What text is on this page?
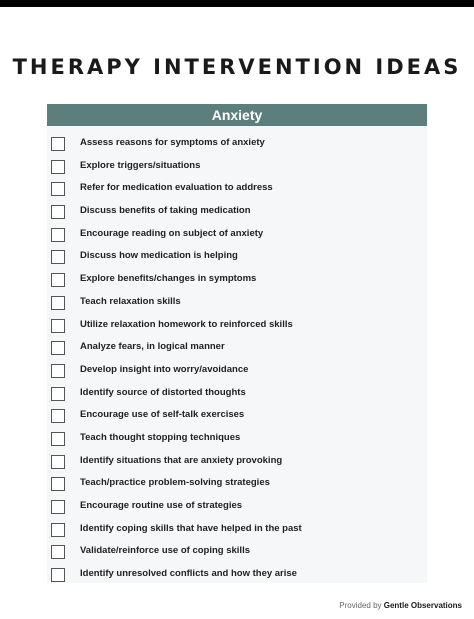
THERAPY INTERVENTION IDEAS
Anxiety
Assess reasons for symptoms of anxiety
Explore triggers/situations
Refer for medication evaluation to address
Discuss benefits of taking medication
Encourage reading on subject of anxiety
Discuss how medication is helping
Explore benefits/changes in symptoms
Teach relaxation skills
Utilize relaxation homework to reinforced skills
Analyze fears, in logical manner
Develop insight into worry/avoidance
Identify source of distorted thoughts
Encourage use of self-talk exercises
Teach thought stopping techniques
Identify situations that are anxiety provoking
Teach/practice problem-solving strategies
Encourage routine use of strategies
Identify coping skills that have helped in the past
Validate/reinforce use of coping skills
Identify unresolved conflicts and how they arise
Provided by Gentle Observations
